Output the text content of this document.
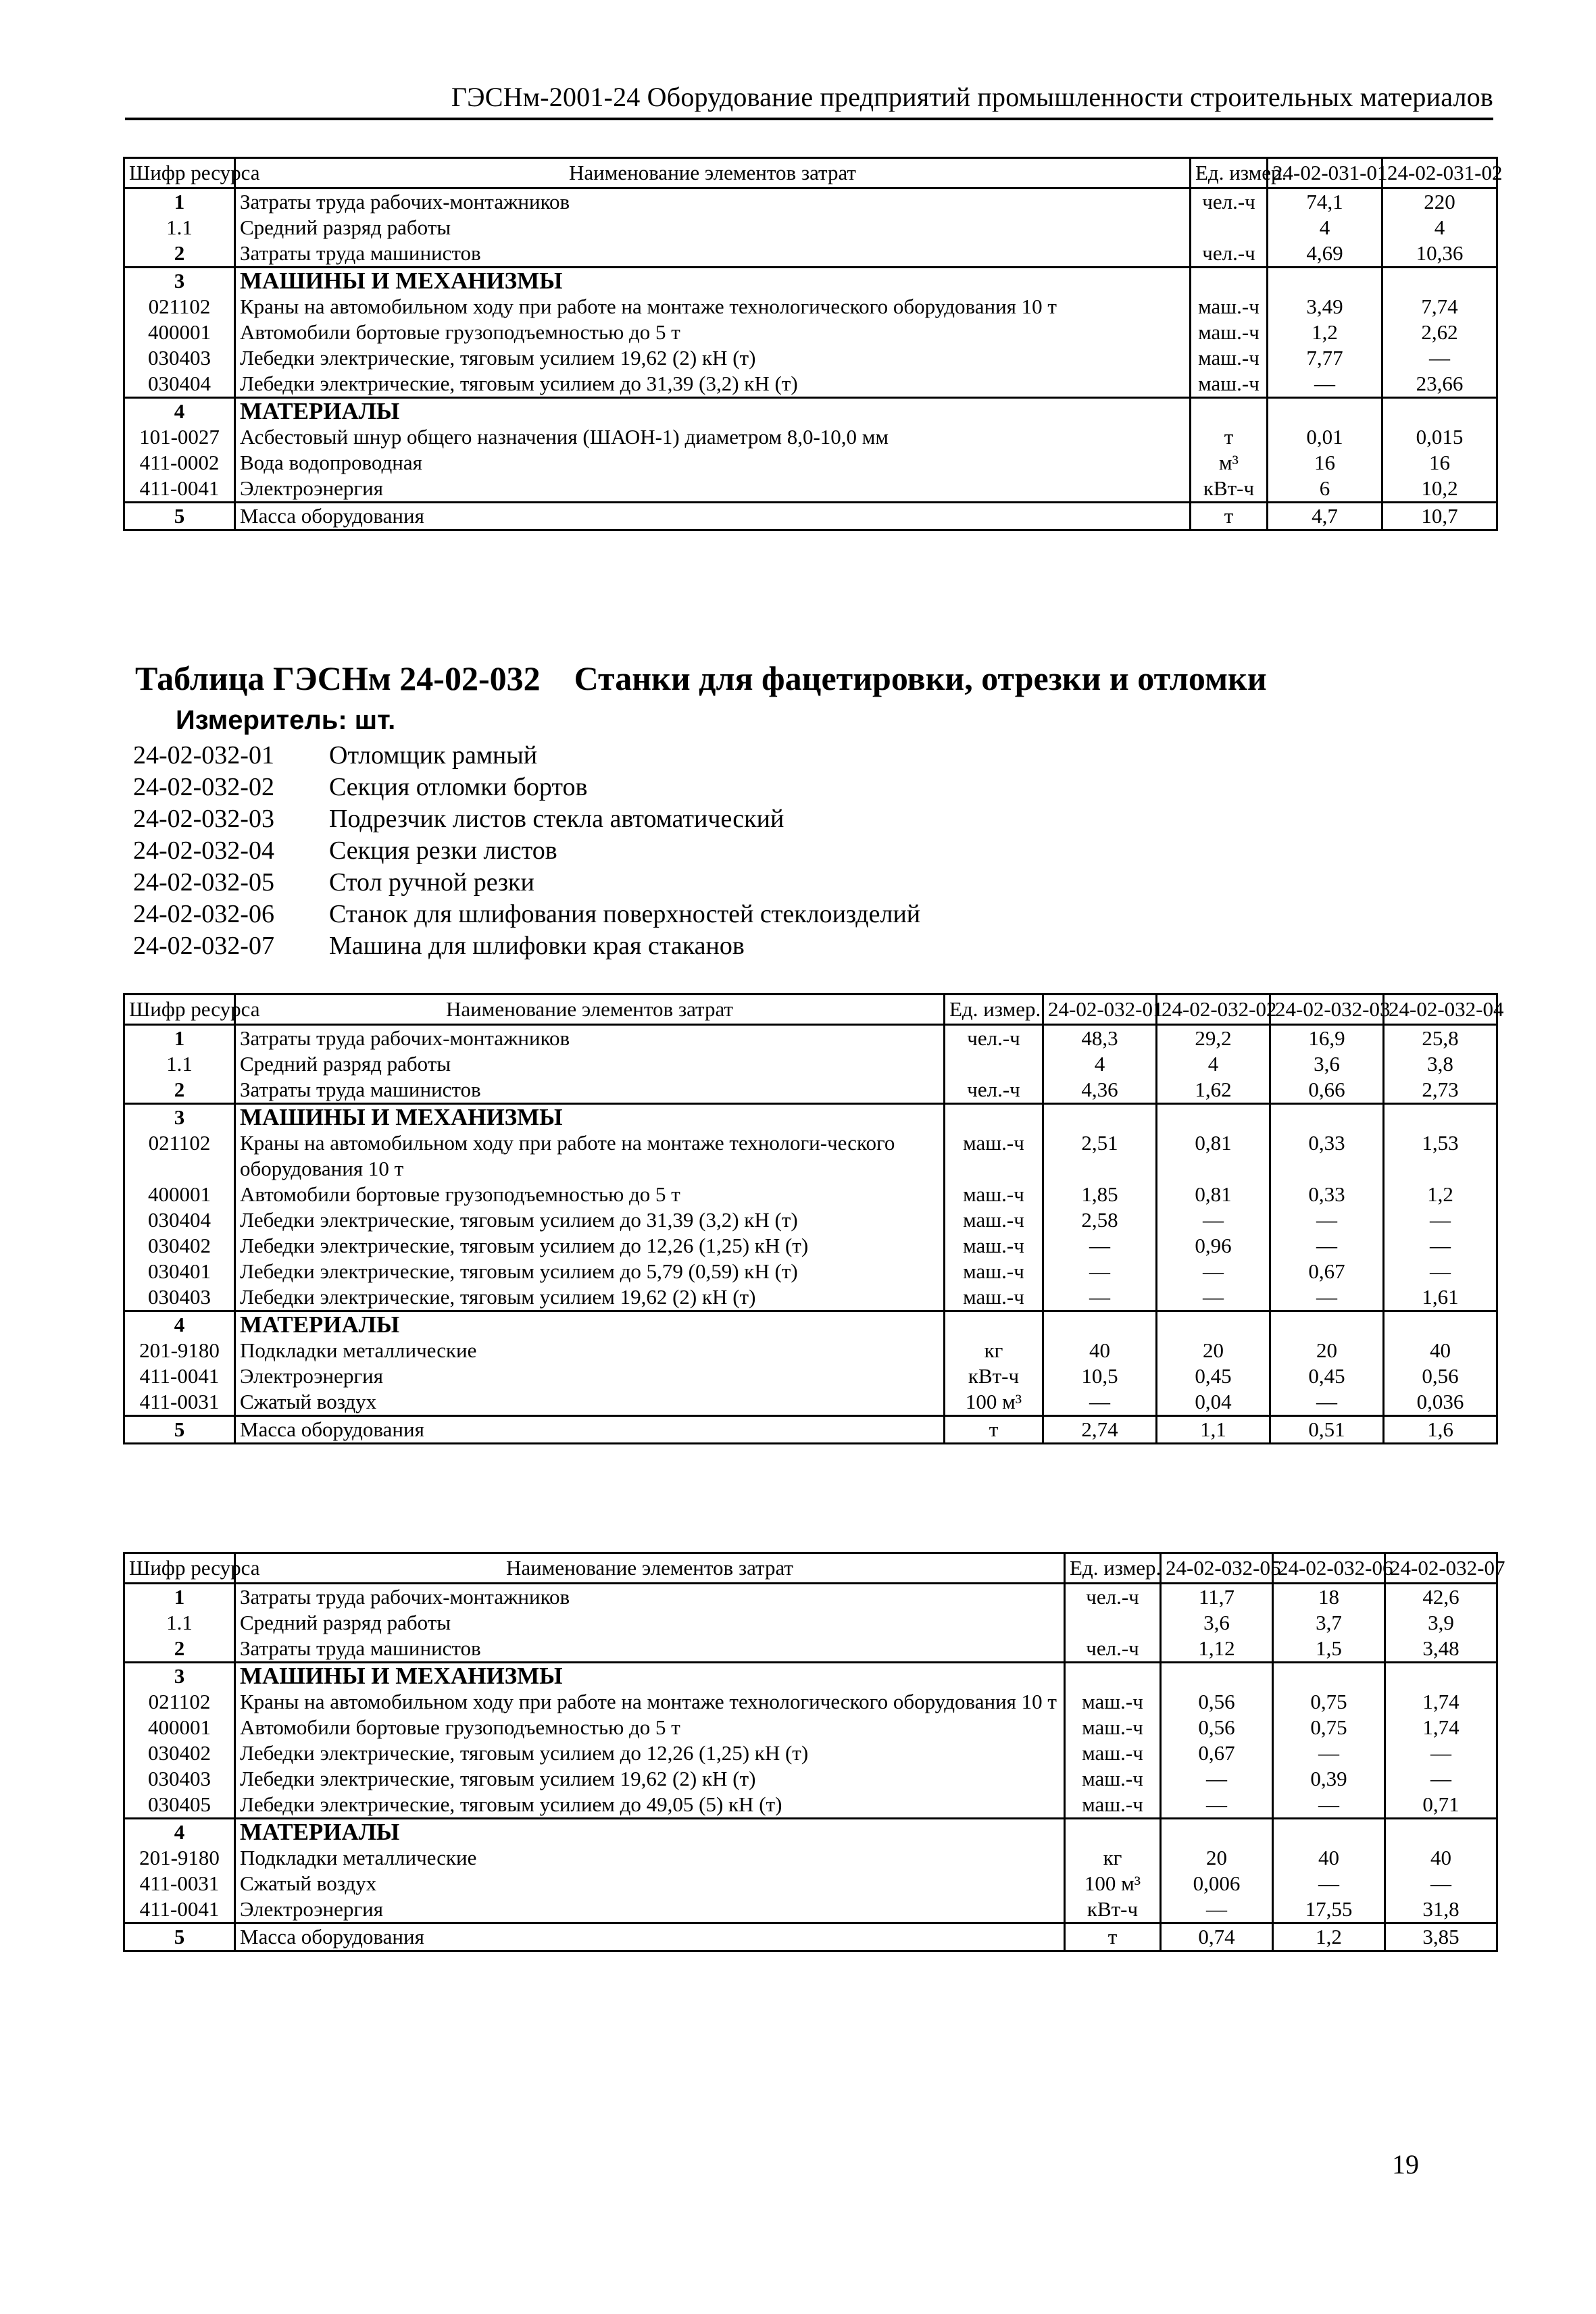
ГЭСНм-2001-24 Оборудование предприятий промышленности строительных материалов
Шифр ресурса	Наименование элементов затрат	Ед. измер.	24-02-031-01	24-02-031-02
1	Затраты труда рабочих-монтажников	чел.-ч	74,1	220
1.1	Средний разряд работы		4	4
2	Затраты труда машинистов	чел.-ч	4,69	10,36
3	МАШИНЫ И МЕХАНИЗМЫ			
021102	Краны на автомобильном ходу при работе на монтаже технологического оборудования 10 т	маш.-ч	3,49	7,74
400001	Автомобили бортовые грузоподъемностью до 5 т	маш.-ч	1,2	2,62
030403	Лебедки электрические, тяговым усилием 19,62 (2) кН (т)	маш.-ч	7,77	—
030404	Лебедки электрические, тяговым усилием до 31,39 (3,2) кН (т)	маш.-ч	—	23,66
4	МАТЕРИАЛЫ			
101-0027	Асбестовый шнур общего назначения (ШАОН-1) диаметром 8,0-10,0 мм	т	0,01	0,015
411-0002	Вода водопроводная	м³	16	16
411-0041	Электроэнергия	кВт-ч	6	10,2
5	Масса оборудования	т	4,7	10,7
Таблица ГЭСНм 24-02-032 Станки для фацетировки, отрезки и отломки
Измеритель: шт.
24-02-032-01 Отломщик рамный
24-02-032-02 Секция отломки бортов
24-02-032-03 Подрезчик листов стекла автоматический
24-02-032-04 Секция резки листов
24-02-032-05 Стол ручной резки
24-02-032-06 Станок для шлифования поверхностей стеклоизделий
24-02-032-07 Машина для шлифовки края стаканов
Шифр ресурса	Наименование элементов затрат	Ед. измер.	24-02-032-01	24-02-032-02	24-02-032-03	24-02-032-04
1	Затраты труда рабочих-монтажников	чел.-ч	48,3	29,2	16,9	25,8
1.1	Средний разряд работы		4	4	3,6	3,8
2	Затраты труда машинистов	чел.-ч	4,36	1,62	0,66	2,73
3	МАШИНЫ И МЕХАНИЗМЫ					
021102	Краны на автомобильном ходу при работе на монтаже технологи-ческого оборудования 10 т	маш.-ч	2,51	0,81	0,33	1,53
400001	Автомобили бортовые грузоподъемностью до 5 т	маш.-ч	1,85	0,81	0,33	1,2
030404	Лебедки электрические, тяговым усилием до 31,39 (3,2) кН (т)	маш.-ч	2,58	—	—	—
030402	Лебедки электрические, тяговым усилием до 12,26 (1,25) кН (т)	маш.-ч	—	0,96	—	—
030401	Лебедки электрические, тяговым усилием до 5,79 (0,59) кН (т)	маш.-ч	—	—	0,67	—
030403	Лебедки электрические, тяговым усилием 19,62 (2) кН (т)	маш.-ч	—	—	—	1,61
4	МАТЕРИАЛЫ					
201-9180	Подкладки металлические	кг	40	20	20	40
411-0041	Электроэнергия	кВт-ч	10,5	0,45	0,45	0,56
411-0031	Сжатый воздух	100 м³	—	0,04	—	0,036
5	Масса оборудования	т	2,74	1,1	0,51	1,6
Шифр ресурса	Наименование элементов затрат	Ед. измер.	24-02-032-05	24-02-032-06	24-02-032-07
1	Затраты труда рабочих-монтажников	чел.-ч	11,7	18	42,6
1.1	Средний разряд работы		3,6	3,7	3,9
2	Затраты труда машинистов	чел.-ч	1,12	1,5	3,48
3	МАШИНЫ И МЕХАНИЗМЫ				
021102	Краны на автомобильном ходу при работе на монтаже технологического оборудования 10 т	маш.-ч	0,56	0,75	1,74
400001	Автомобили бортовые грузоподъемностью до 5 т	маш.-ч	0,56	0,75	1,74
030402	Лебедки электрические, тяговым усилием до 12,26 (1,25) кН (т)	маш.-ч	0,67	—	—
030403	Лебедки электрические, тяговым усилием 19,62 (2) кН (т)	маш.-ч	—	0,39	—
030405	Лебедки электрические, тяговым усилием до 49,05 (5) кН (т)	маш.-ч	—	—	0,71
4	МАТЕРИАЛЫ				
201-9180	Подкладки металлические	кг	20	40	40
411-0031	Сжатый воздух	100 м³	0,006	—	—
411-0041	Электроэнергия	кВт-ч	—	17,55	31,8
5	Масса оборудования	т	0,74	1,2	3,85
19
